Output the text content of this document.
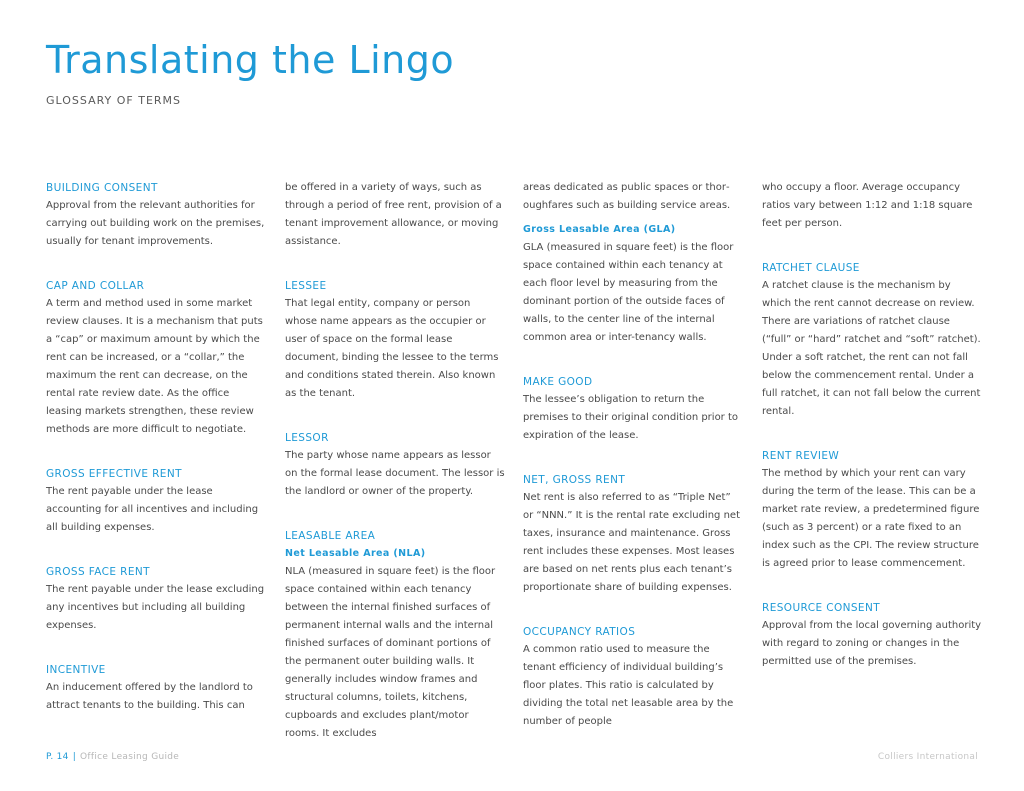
Translating the Lingo
GLOSSARY OF TERMS

BUILDING CONSENT

Approval from the relevant authorities for carrying out building work on the premises, usually for tenant improvements.

CAP AND COLLAR

A term and method used in some market review clauses. It is a mechanism that puts a “cap” or maximum amount by which the rent can be increased, or a “collar,” the maximum the rent can decrease, on the rental rate review date. As the office leasing markets strengthen, these review methods are more difficult to negotiate.

GROSS EFFECTIVE RENT

The rent payable under the lease accounting for all incentives and including all building expenses.

GROSS FACE RENT

The rent payable under the lease excluding any incentives but including all building expenses.

INCENTIVE

An inducement offered by the landlord to attract tenants to the building. This can

be offered in a variety of ways, such as through a period of free rent, provision of a tenant improvement allowance, or moving assistance.

LESSEE

That legal entity, company or person whose name appears as the occupier or user of space on the formal lease document, binding the lessee to the terms and conditions stated therein. Also known as the tenant.

LESSOR

The party whose name appears as lessor on the formal lease document. The lessor is the landlord or owner of the property.

LEASABLE AREA

Net Leasable Area (NLA)

NLA (measured in square feet) is the floor space contained within each tenancy between the internal finished surfaces of permanent internal walls and the internal finished surfaces of dominant portions of the permanent outer building walls. It generally includes window frames and structural columns, toilets, kitchens, cupboards and excludes plant/motor rooms. It excludes

areas dedicated as public spaces or thoroughfares such as building service areas.

Gross Leasable Area (GLA)

GLA (measured in square feet) is the floor space contained within each tenancy at each floor level by measuring from the dominant portion of the outside faces of walls, to the center line of the internal common area or inter-tenancy walls.

MAKE GOOD

The lessee’s obligation to return the premises to their original condition prior to expiration of the lease.

NET, GROSS RENT

Net rent is also referred to as “Triple Net” or “NNN.” It is the rental rate excluding net taxes, insurance and maintenance. Gross rent includes these expenses. Most leases are based on net rents plus each tenant’s proportionate share of building expenses.

OCCUPANCY RATIOS

A common ratio used to measure the tenant efficiency of individual building’s floor plates. This ratio is calculated by dividing the total net leasable area by the number of people

who occupy a floor. Average occupancy ratios vary between 1:12 and 1:18 square feet per person.

RATCHET CLAUSE

A ratchet clause is the mechanism by which the rent cannot decrease on review. There are variations of ratchet clause (“full” or “hard” ratchet and “soft” ratchet). Under a soft ratchet, the rent can not fall below the commencement rental. Under a full ratchet, it can not fall below the current rental.

RENT REVIEW

The method by which your rent can vary during the term of the lease. This can be a market rate review, a predetermined figure (such as 3 percent) or a rate fixed to an index such as the CPI. The review structure is agreed prior to lease commencement.

RESOURCE CONSENT

Approval from the local governing authority with regard to zoning or changes in the permitted use of the premises.

P. 14 | Office Leasing Guide	Colliers International
